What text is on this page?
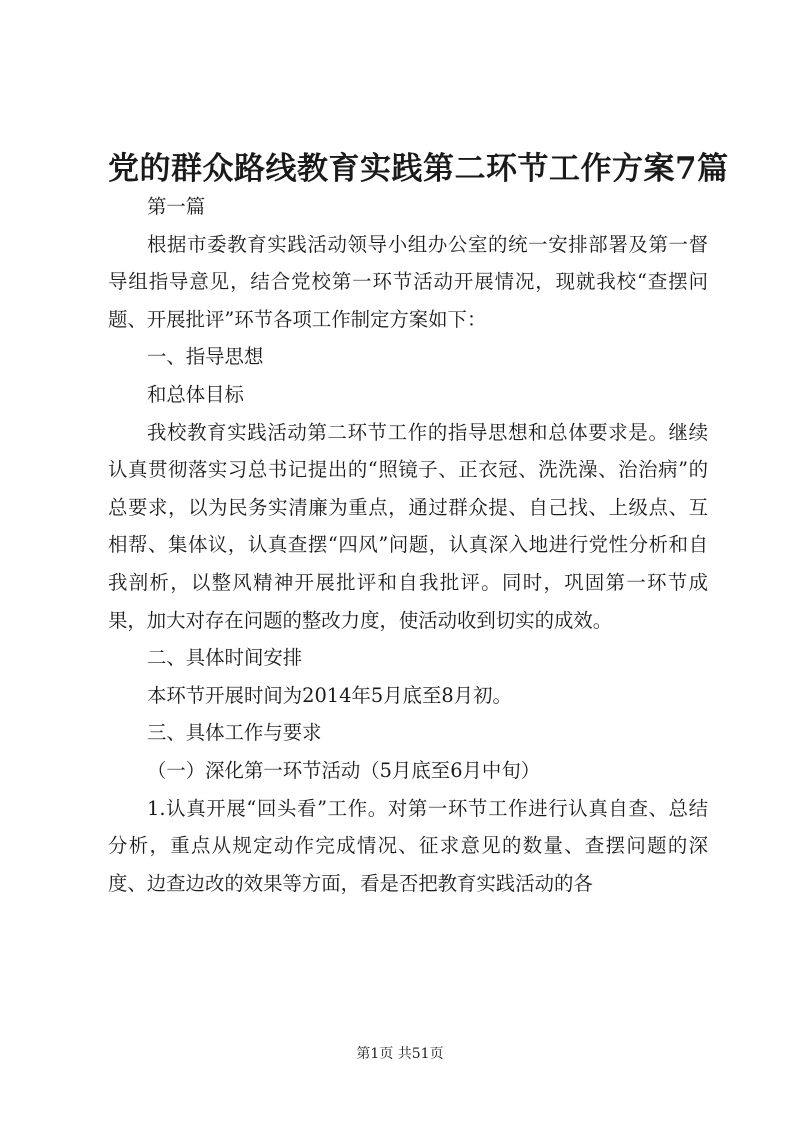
党的群众路线教育实践第二环节工作方案7篇

第一篇

根据市委教育实践活动领导小组办公室的统一安排部署及第一督导组指导意见，结合党校第一环节活动开展情况，现就我校“查摆问题、开展批评”环节各项工作制定方案如下：

一、指导思想

和总体目标

我校教育实践活动第二环节工作的指导思想和总体要求是。继续认真贯彻落实习总书记提出的“照镜子、正衣冠、洗洗澡、治治病”的总要求，以为民务实清廉为重点，通过群众提、自己找、上级点、互相帮、集体议，认真查摆“四风”问题，认真深入地进行党性分析和自我剖析，以整风精神开展批评和自我批评。同时，巩固第一环节成果，加大对存在问题的整改力度，使活动收到切实的成效。

二、具体时间安排

本环节开展时间为2014年5月底至8月初。

三、具体工作与要求

（一）深化第一环节活动（5月底至6月中旬）

1.认真开展“回头看”工作。对第一环节工作进行认真自查、总结分析，重点从规定动作完成情况、征求意见的数量、查摆问题的深度、边查边改的效果等方面，看是否把教育实践活动的各

第1页 共51页
